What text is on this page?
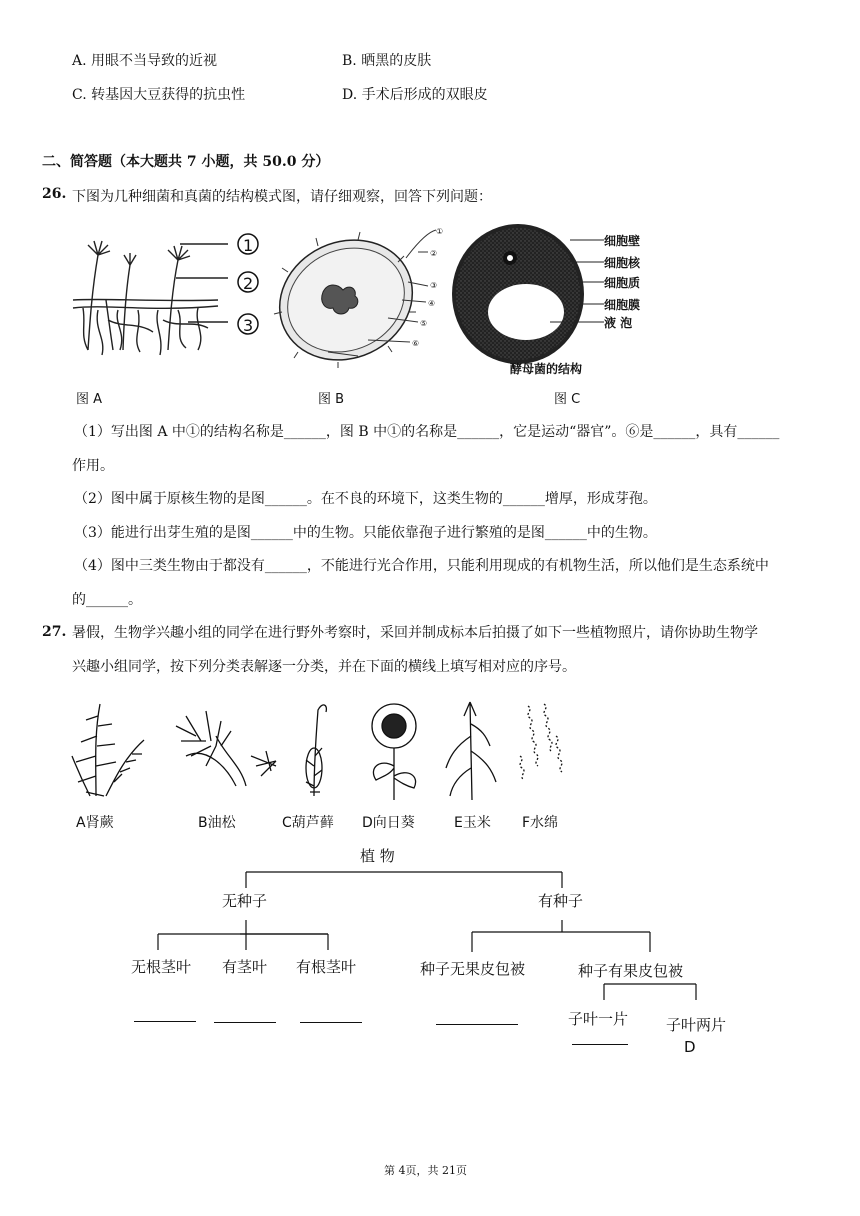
A. 用眼不当导致的近视	B. 晒黑的皮肤
C. 转基因大豆获得的抗虫性	D. 手术后形成的双眼皮
二、简答题（本大题共 7 小题，共 50.0 分）
26. 下图为几种细菌和真菌的结构模式图，请仔细观察，回答下列问题：
1
2
3
图 A
①
②
③
④
⑤
⑥
图 B
细胞壁
细胞核
细胞质
细胞膜
液 泡
酵母菌的结构
图 C
（1）写出图 A 中①的结构名称是______，图 B 中①的名称是______，它是运动“器官”。⑥是______，具有______
作用。
（2）图中属于原核生物的是图______。在不良的环境下，这类生物的______增厚，形成芽孢。
（3）能进行出芽生殖的是图______中的生物。只能依靠孢子进行繁殖的是图______中的生物。
（4）图中三类生物由于都没有______，不能进行光合作用，只能利用现成的有机物生活，所以他们是生态系统中
的______。
27. 暑假，生物学兴趣小组的同学在进行野外考察时，采回并制成标本后拍摄了如下一些植物照片，请你协助生物学
兴趣小组同学，按下列分类表解逐一分类，并在下面的横线上填写相对应的序号。
A肾蕨	B油松	C葫芦藓 D向日葵	E玉米 F水绵
植 物
无种子	有种子
无根茎叶 有茎叶 有根茎叶	种子无果皮包被	种子有果皮包被
子叶一片	子叶两片
D
第 4页，共 21页
